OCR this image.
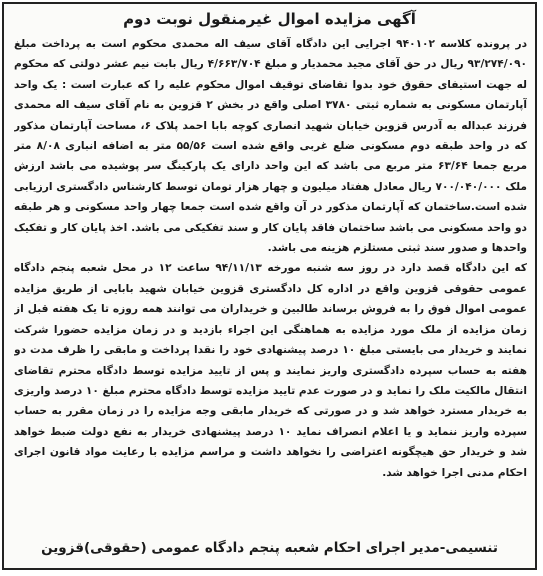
آگهی مزایده اموال غیرمنقول نوبت دوم

در پرونده کلاسه ۹۴۰۱۰۲ اجرایی این دادگاه آقای سیف اله محمدی محکوم است به پرداخت مبلغ ۹۳/۲۷۴/۰۹۰ ریال در حق آقای مجید محمدیار و مبلغ ۴/۶۶۳/۷۰۴ ریال بابت نیم عشر دولتی که محکوم له جهت استیفای حقوق خود بدوا تقاضای توقیف اموال محکوم علیه را که عبارت است : یک واحد آپارتمان مسکونی به شماره ثبتی ۳۷۸۰ اصلی واقع در بخش ۲ قزوین به نام آقای سیف اله محمدی فرزند عبداله به آدرس قزوین خیابان شهید انصاری کوچه بابا احمد پلاک ۶، مساحت آپارتمان مذکور که در واحد طبقه دوم مسکونی ضلع غربی واقع شده است ۵۵/۵۶ متر به اضافه انباری ۸/۰۸ متر مربع جمعا ۶۳/۶۴ متر مربع می باشد که این واحد دارای یک پارکینگ سر پوشیده می باشد ارزش ملک ۷۰۰/۰۴۰/۰۰۰ ریال معادل هفتاد میلیون و چهار هزار تومان توسط کارشناس دادگستری ارزیابی شده است.ساختمان که آپارتمان مذکور در آن واقع شده است جمعا چهار واحد مسکونی و هر طبقه دو واحد مسکونی می باشد ساختمان فاقد پایان کار و سند تفکیکی می باشد. اخذ پایان کار و تفکیک واحدها و صدور سند ثبتی مستلزم هزینه می باشد.

که این دادگاه قصد دارد در روز سه شنبه مورخه ۹۴/۱۱/۱۳ ساعت ۱۲ در محل شعبه پنجم دادگاه عمومی حقوقی قزوین واقع در اداره کل دادگستری قزوین خیابان شهید بابایی از طریق مزایده عمومی اموال فوق را به فروش برساند طالبین و خریداران می توانند همه روزه تا یک هفته قبل از زمان مزایده از ملک مورد مزایده به هماهنگی این اجراء بازدید و در زمان مزایده حضورا شرکت نمایند و خریدار می بایستی مبلغ ۱۰ درصد پیشنهادی خود را نقدا پرداخت و مابقی را ظرف مدت دو هفته به حساب سپرده دادگستری واریز نمایند و پس از تایید مزایده توسط دادگاه محترم تقاضای انتقال مالکیت ملک را نماید و در صورت عدم تایید مزایده توسط دادگاه محترم مبلغ ۱۰ درصد واریزی به خریدار مسترد خواهد شد و در صورتی که خریدار مابقی وجه مزایده را در زمان مقرر به حساب سپرده واریز ننماید و یا اعلام انصراف نماید ۱۰ درصد پیشنهادی خریدار به نفع دولت ضبط خواهد شد و خریدار حق هیچگونه اعتراضی را نخواهد داشت و مراسم مزایده با رعایت مواد قانون اجرای احکام مدنی اجرا خواهد شد.

تنسیمی-مدیر اجرای احکام شعبه پنجم دادگاه عمومی (حقوقی)قزوین
